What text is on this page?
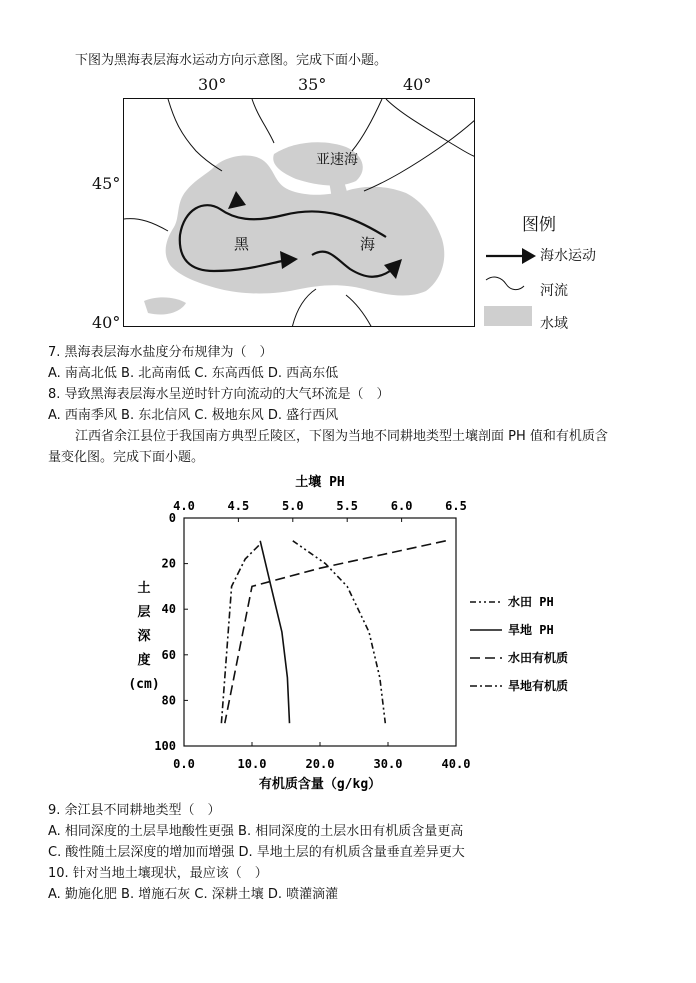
下图为黑海表层海水运动方向示意图。完成下面小题。
30°	35°	40°
45°
40°
亚速海
黑	海
图例
海水运动
河流
水域
7. 黑海表层海水盐度分布规律为（　）
A. 南高北低 B. 北高南低 C. 东高西低 D. 西高东低
8. 导致黑海表层海水呈逆时针方向流动的大气环流是（　）
A. 西南季风 B. 东北信风 C. 极地东风 D. 盛行西风
江西省余江县位于我国南方典型丘陵区，下图为当地不同耕地类型土壤剖面 PH 值和有机质含
量变化图。完成下面小题。
土壤 PH
4.0	4.5	5.0	5.5	6.0	6.5
0.0	10.0	20.0	30.0	40.0
有机质含量（g/kg）
0
20
40
60
80
100
土
层
深
度
(cm)
水田 PH
旱地 PH
水田有机质
旱地有机质
9. 余江县不同耕地类型（　）
A. 相同深度的土层旱地酸性更强 B. 相同深度的土层水田有机质含量更高
C. 酸性随土层深度的增加而增强 D. 旱地土层的有机质含量垂直差异更大
10. 针对当地土壤现状，最应该（　）
A. 勤施化肥 B. 增施石灰 C. 深耕土壤 D. 喷灌滴灌
